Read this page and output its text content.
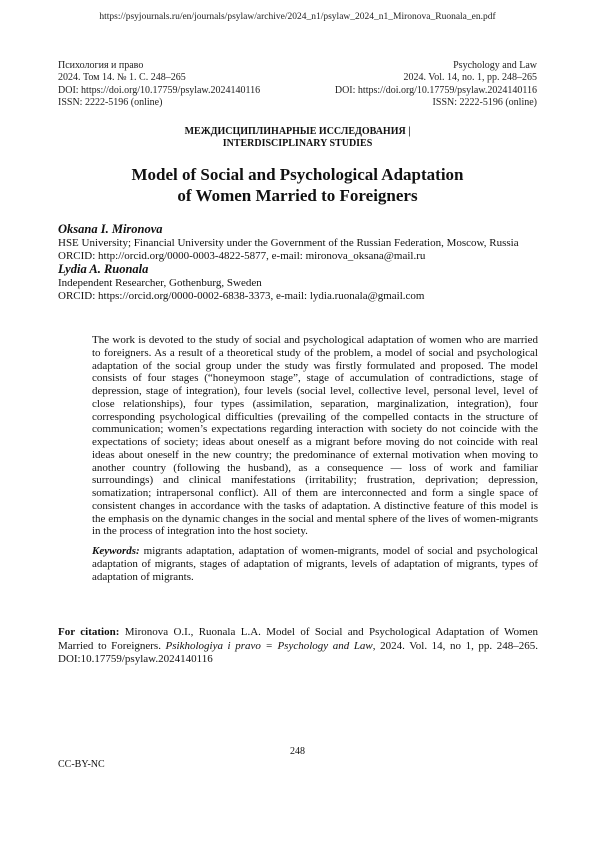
https://psyjournals.ru/en/journals/psylaw/archive/2024_n1/psylaw_2024_n1_Mironova_Ruonala_en.pdf
Психология и право
2024. Том 14. № 1. С. 248–265
DOI: https://doi.org/10.17759/psylaw.2024140116
ISSN: 2222-5196 (online)
Psychology and Law
2024. Vol. 14, no. 1, pp. 248–265
DOI: https://doi.org/10.17759/psylaw.2024140116
ISSN: 2222-5196 (online)
МЕЖДИСЦИПЛИНАРНЫЕ ИССЛЕДОВАНИЯ |
INTERDISCIPLINARY STUDIES
Model of Social and Psychological Adaptation
of Women Married to Foreigners
Oksana I. Mironova
HSE University; Financial University under the Government of the Russian Federation, Moscow, Russia
ORCID: http://orcid.org/0000-0003-4822-5877, e-mail: mironova_oksana@mail.ru
Lydia A. Ruonala
Independent Researcher, Gothenburg, Sweden
ORCID: https://orcid.org/0000-0002-6838-3373, e-mail: lydia.ruonala@gmail.com

The work is devoted to the study of social and psychological adaptation of women who are married to foreigners. As a result of a theoretical study of the problem, a model of social and psychological adaptation of the social group under the study was firstly formulated and proposed. The model consists of four stages (“honeymoon stage”, stage of accumulation of contradictions, stage of depression, stage of integration), four levels (social level, collective level, personal level, level of close relationships), four types (assimilation, separation, marginalization, integration), four corresponding psychological difficulties (prevailing of the compelled contacts in the structure of communication; women’s expectations regarding interaction with society do not coincide with the expectations of society; ideas about oneself as a migrant before moving do not coincide with real ideas about oneself in the new country; the predominance of external motivation when moving to another country (following the husband), as a consequence — loss of work and familiar surroundings) and clinical manifestations (irritability; frustration, deprivation; depression, somatization; intrapersonal conflict). All of them are interconnected and form a single space of consistent changes in accordance with the tasks of adaptation. A distinctive feature of this model is the emphasis on the dynamic changes in the social and mental sphere of the lives of women-migrants in the process of integration into the host society.

Keywords: migrants adaptation, adaptation of women-migrants, model of social and psychological adaptation of migrants, stages of adaptation of migrants, levels of adaptation of migrants, types of adaptation of migrants.

For citation: Mironova O.I., Ruonala L.A. Model of Social and Psychological Adaptation of Women Married to Foreigners. Psikhologiya i pravo = Psychology and Law, 2024. Vol. 14, no 1, pp. 248–265. DOI:10.17759/psylaw.2024140116
248
CC-BY-NC
